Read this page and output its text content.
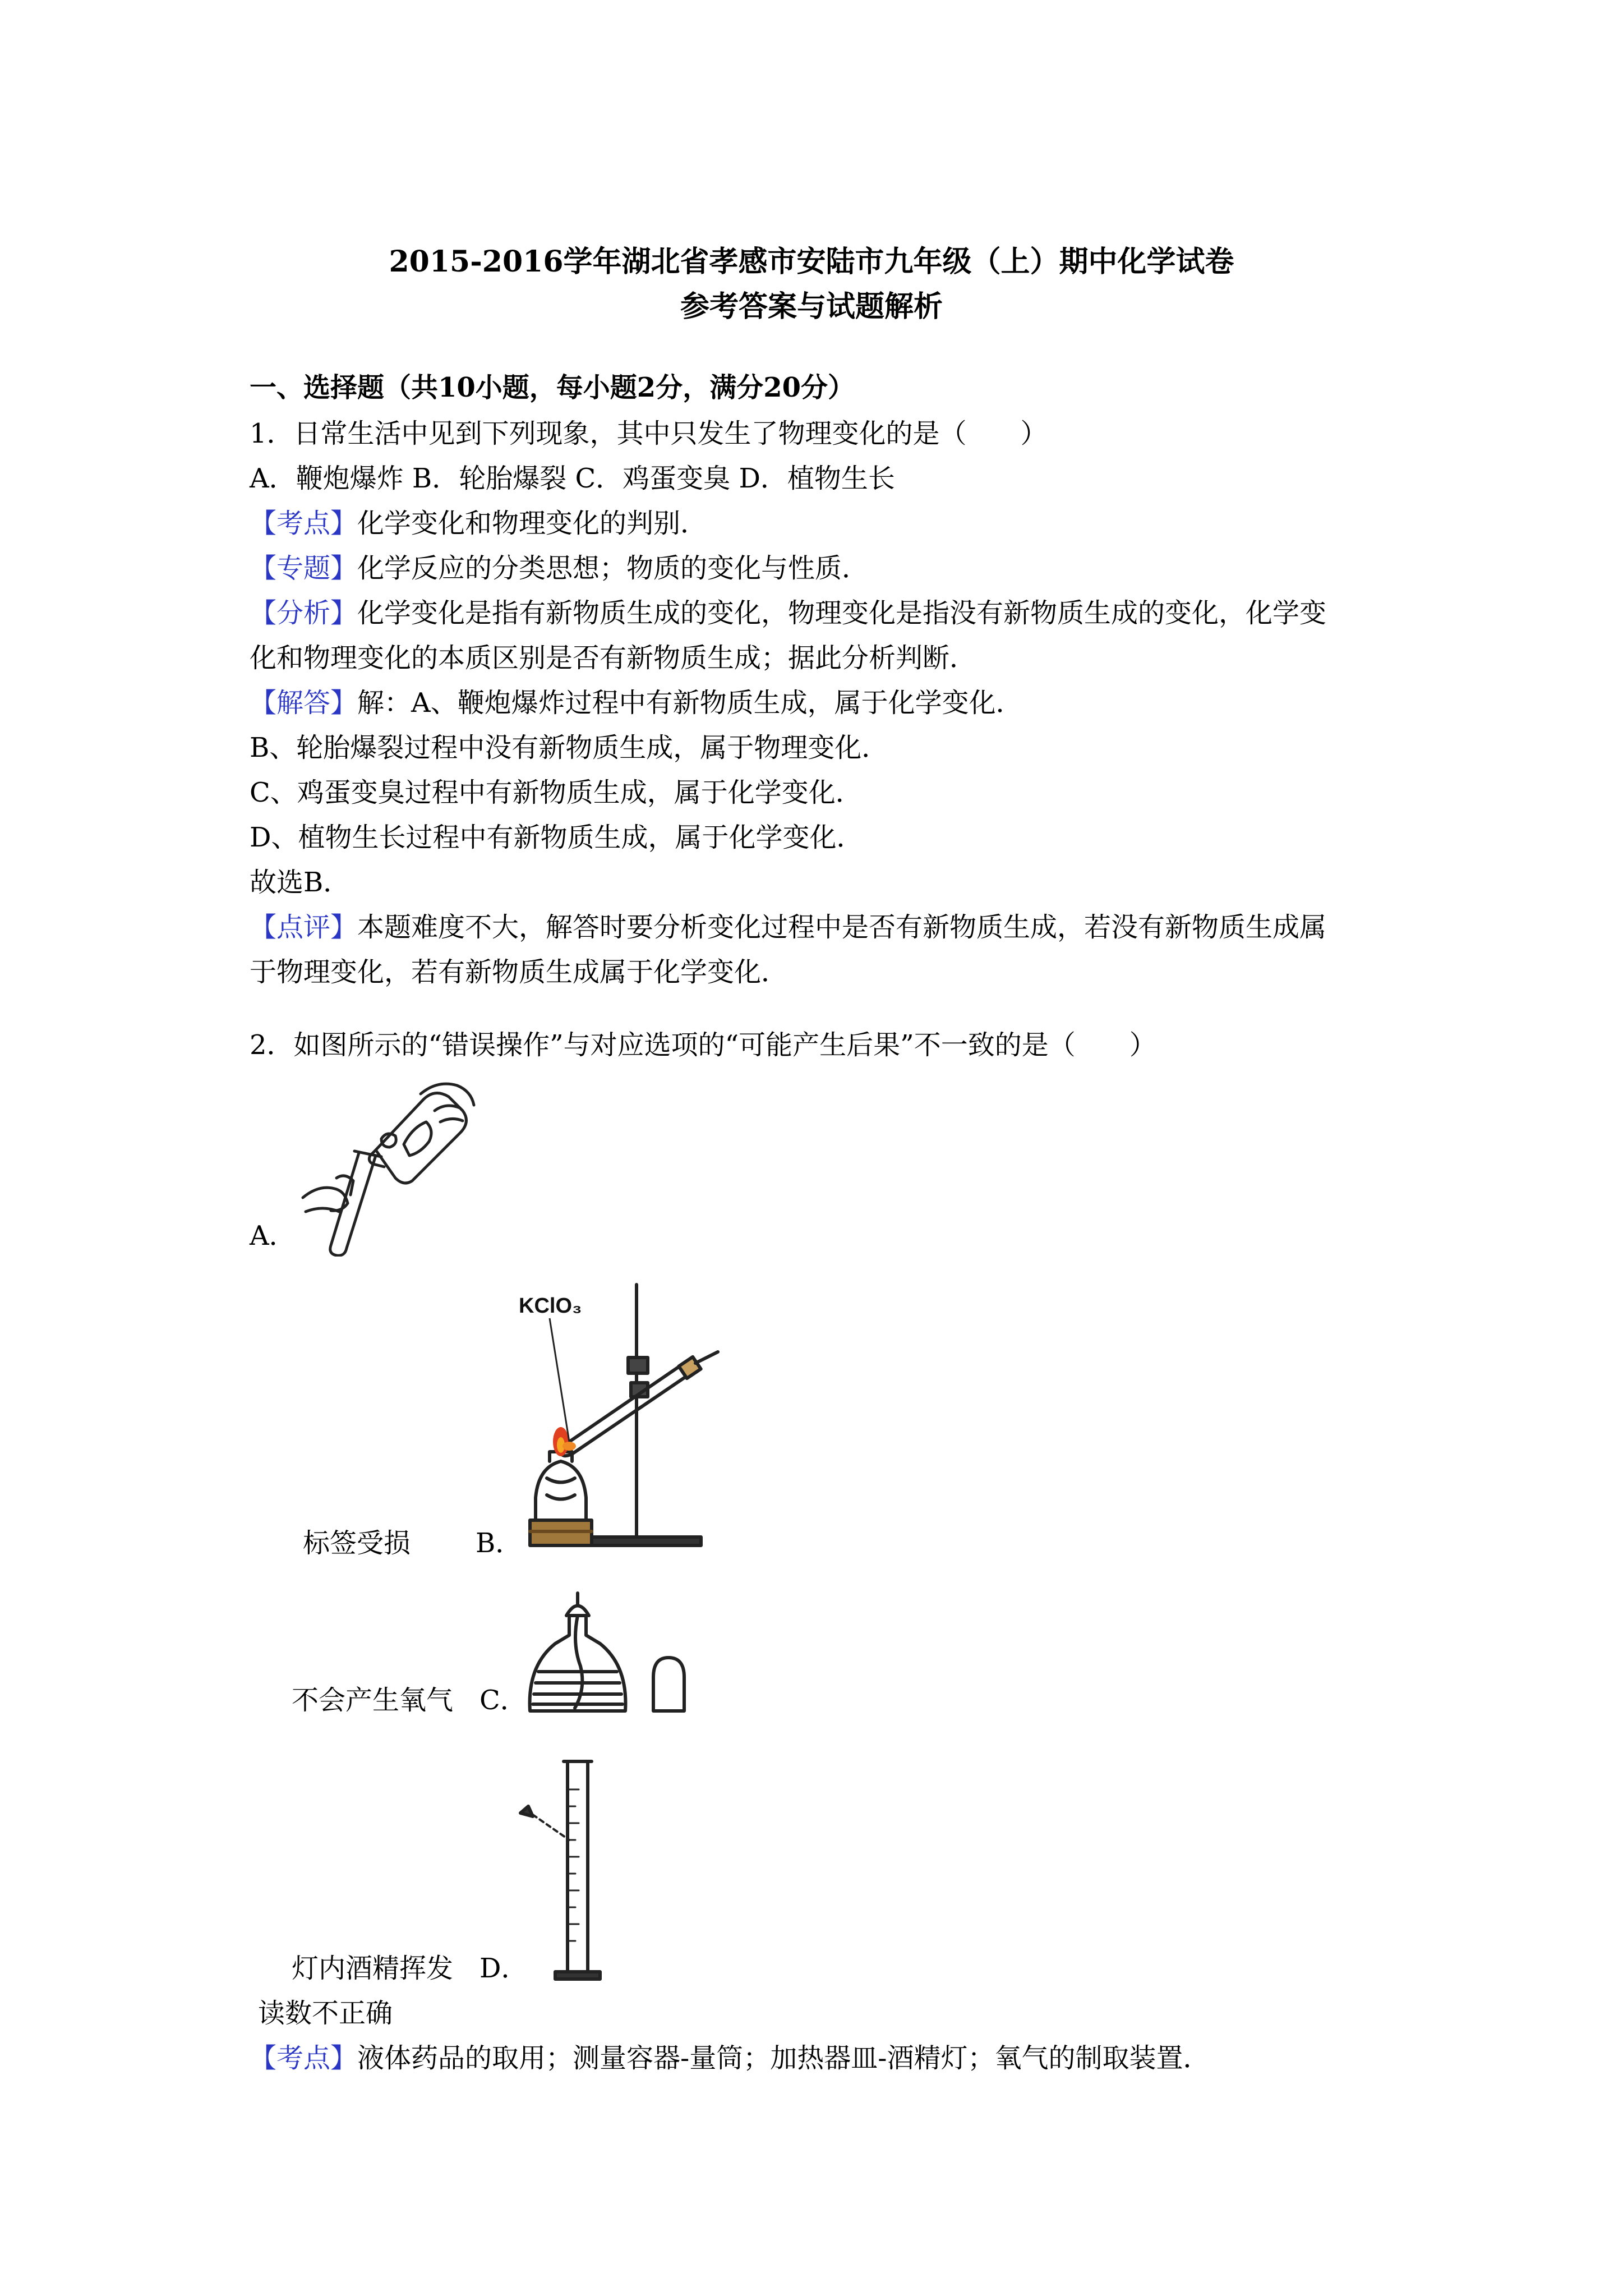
2015-2016学年湖北省孝感市安陆市九年级（上）期中化学试卷
参考答案与试题解析
一、选择题（共10小题，每小题2分，满分20分）
1．日常生活中见到下列现象，其中只发生了物理变化的是（　　）
A．鞭炮爆炸 B．轮胎爆裂 C．鸡蛋变臭 D．植物生长
【考点】化学变化和物理变化的判别．
【专题】化学反应的分类思想；物质的变化与性质．
【分析】化学变化是指有新物质生成的变化，物理变化是指没有新物质生成的变化，化学变
化和物理变化的本质区别是否有新物质生成；据此分析判断．
【解答】解：A、鞭炮爆炸过程中有新物质生成，属于化学变化．
B、轮胎爆裂过程中没有新物质生成，属于物理变化．
C、鸡蛋变臭过程中有新物质生成，属于化学变化．
D、植物生长过程中有新物质生成，属于化学变化．
故选B．
【点评】本题难度不大，解答时要分析变化过程中是否有新物质生成，若没有新物质生成属
于物理变化，若有新物质生成属于化学变化．
2．如图所示的“错误操作”与对应选项的“可能产生后果”不一致的是（　　）
A．
KClO₃
标签受损 B．
不会产生氧气 C．
灯内酒精挥发 D．
读数不正确
【考点】液体药品的取用；测量容器-量筒；加热器皿-酒精灯；氧气的制取装置．
